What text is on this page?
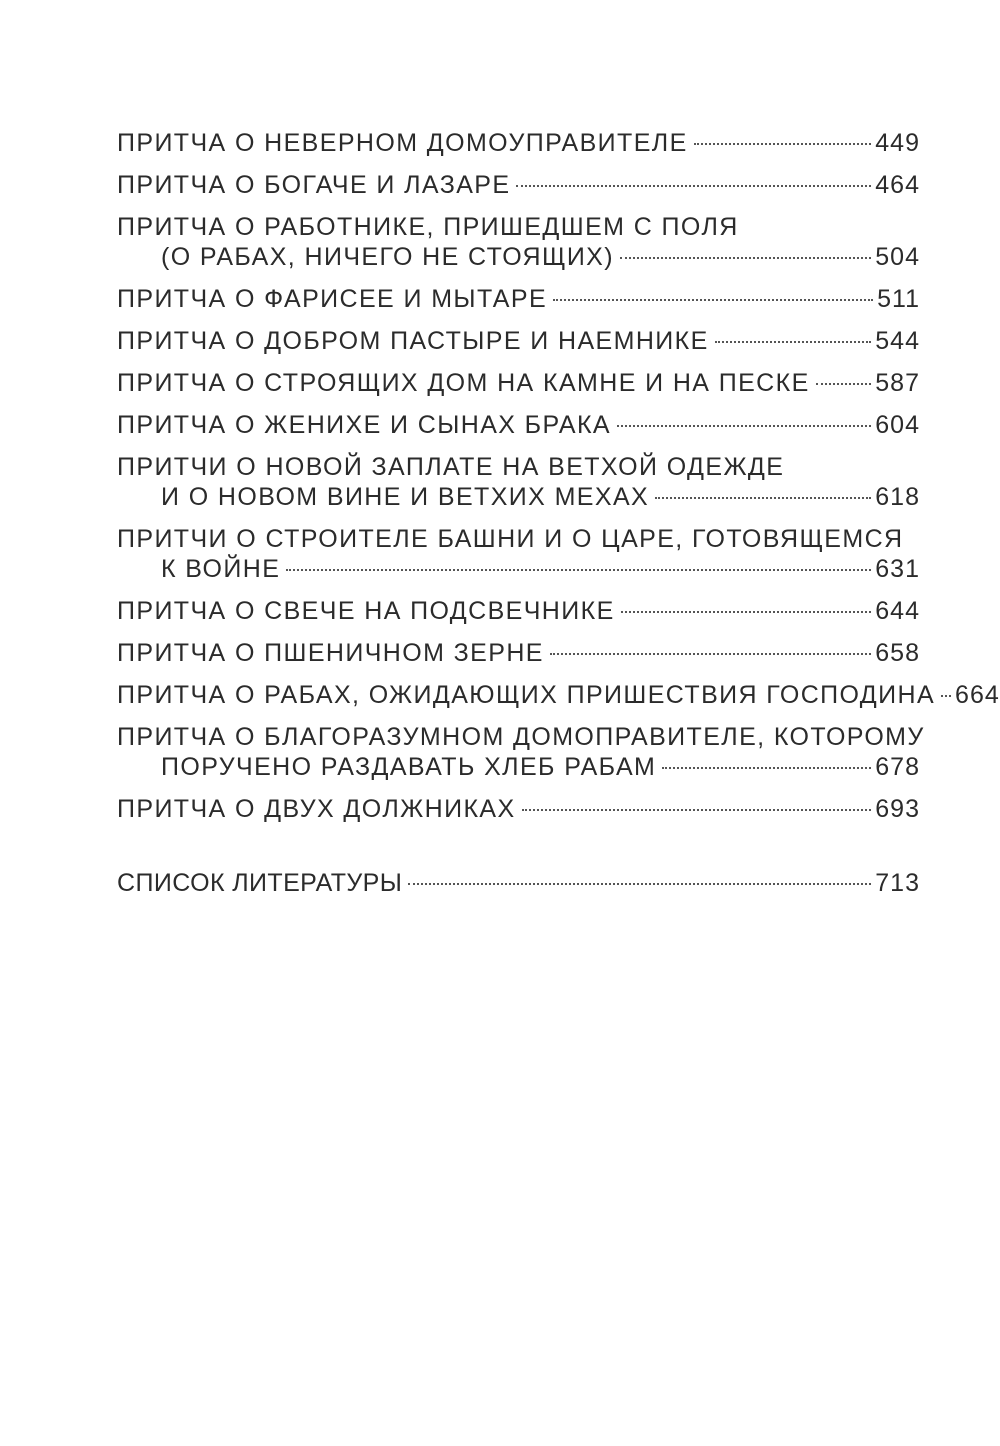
ПРИТЧА О НЕВЕРНОМ ДОМОУПРАВИТЕЛЕ	449
ПРИТЧА О БОГАЧЕ И ЛАЗАРЕ	464
ПРИТЧА О РАБОТНИКЕ, ПРИШЕДШЕМ С ПОЛЯ
(О РАБАХ, НИЧЕГО НЕ СТОЯЩИХ)	504
ПРИТЧА О ФАРИСЕЕ И МЫТАРЕ	511
ПРИТЧА О ДОБРОМ ПАСТЫРЕ И НАЕМНИКЕ	544
ПРИТЧА О СТРОЯЩИХ ДОМ НА КАМНЕ И НА ПЕСКЕ	587
ПРИТЧА О ЖЕНИХЕ И СЫНАХ БРАКА	604
ПРИТЧИ О НОВОЙ ЗАПЛАТЕ НА ВЕТХОЙ ОДЕЖДЕ
И О НОВОМ ВИНЕ И ВЕТХИХ МЕХАХ	618
ПРИТЧИ О СТРОИТЕЛЕ БАШНИ И О ЦАРЕ, ГОТОВЯЩЕМСЯ
К ВОЙНЕ	631
ПРИТЧА О СВЕЧЕ НА ПОДСВЕЧНИКЕ	644
ПРИТЧА О ПШЕНИЧНОМ ЗЕРНЕ	658
ПРИТЧА О РАБАХ, ОЖИДАЮЩИХ ПРИШЕСТВИЯ ГОСПОДИНА 664
ПРИТЧА О БЛАГОРАЗУМНОМ ДОМОПРАВИТЕЛЕ, КОТОРОМУ
ПОРУЧЕНО РАЗДАВАТЬ ХЛЕБ РАБАМ	678
ПРИТЧА О ДВУХ ДОЛЖНИКАХ	693
СПИСОК ЛИТЕРАТУРЫ	713
